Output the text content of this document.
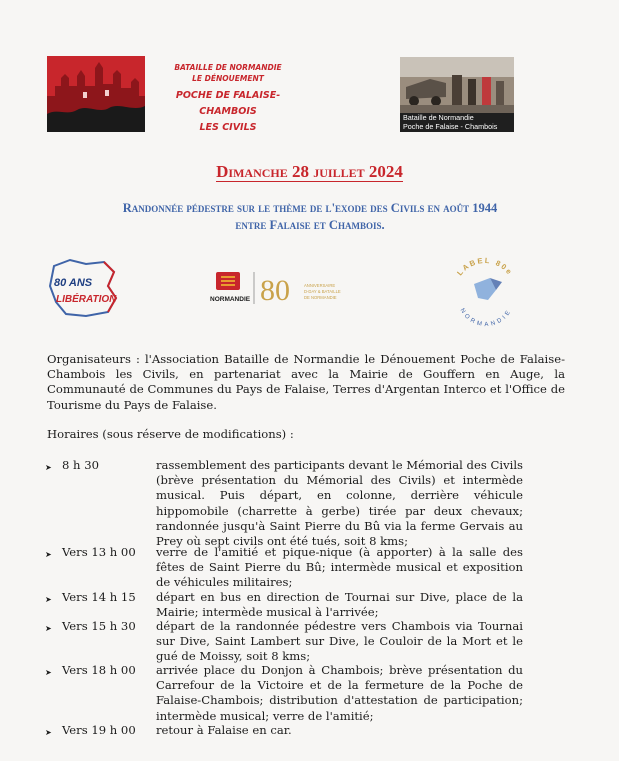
BATAILLE DE NORMANDIE
LE DÉNOUEMENT
POCHE DE FALAISE-CHAMBOIS
LES CIVILS
Bataille de Normandie
Poche de Falaise - Chambois
Dimanche 28 juillet 2024
Randonnée pédestre sur le thème de l'exode des Civils en août 1944
entre Falaise et Chambois.
80 ANS
LIBÉRATION	NORMANDIE 80	ANNIVERSAIRE
D-DAY & BATAILLE
DE NORMANDIE
LABEL 80e
NORMANDIE
Organisateurs : l'Association Bataille de Normandie le Dénouement Poche de Falaise-Chambois les Civils, en partenariat avec la Mairie de Gouffern en Auge, la Communauté de Communes du Pays de Falaise, Terres d'Argentan Interco et l'Office de Tourisme du Pays de Falaise.
Horaires (sous réserve de modifications) :
➤ 8 h 30	rassemblement des participants devant le Mémorial des Civils (brève présentation du Mémorial des Civils) et intermède musical. Puis départ, en colonne, derrière véhicule hippomobile (charrette à gerbe) tirée par deux chevaux; randonnée jusqu'à Saint Pierre du Bû via la ferme Gervais au Prey où sept civils ont été tués, soit 8 kms;
➤ Vers 13 h 00 verre de l'amitié et pique-nique (à apporter) à la salle des fêtes de Saint Pierre du Bû; intermède musical et exposition de véhicules militaires;
➤ Vers 14 h 15 départ en bus en direction de Tournai sur Dive, place de la Mairie; intermède musical à l'arrivée;
➤ Vers 15 h 30 départ de la randonnée pédestre vers Chambois via Tournai sur Dive, Saint Lambert sur Dive, le Couloir de la Mort et le gué de Moissy, soit 8 kms;
➤ Vers 18 h 00 arrivée place du Donjon à Chambois; brève présentation du Carrefour de la Victoire et de la fermeture de la Poche de Falaise-Chambois; distribution d'attestation de participation; intermède musical; verre de l'amitié;
➤ Vers 19 h 00 retour à Falaise en car.
